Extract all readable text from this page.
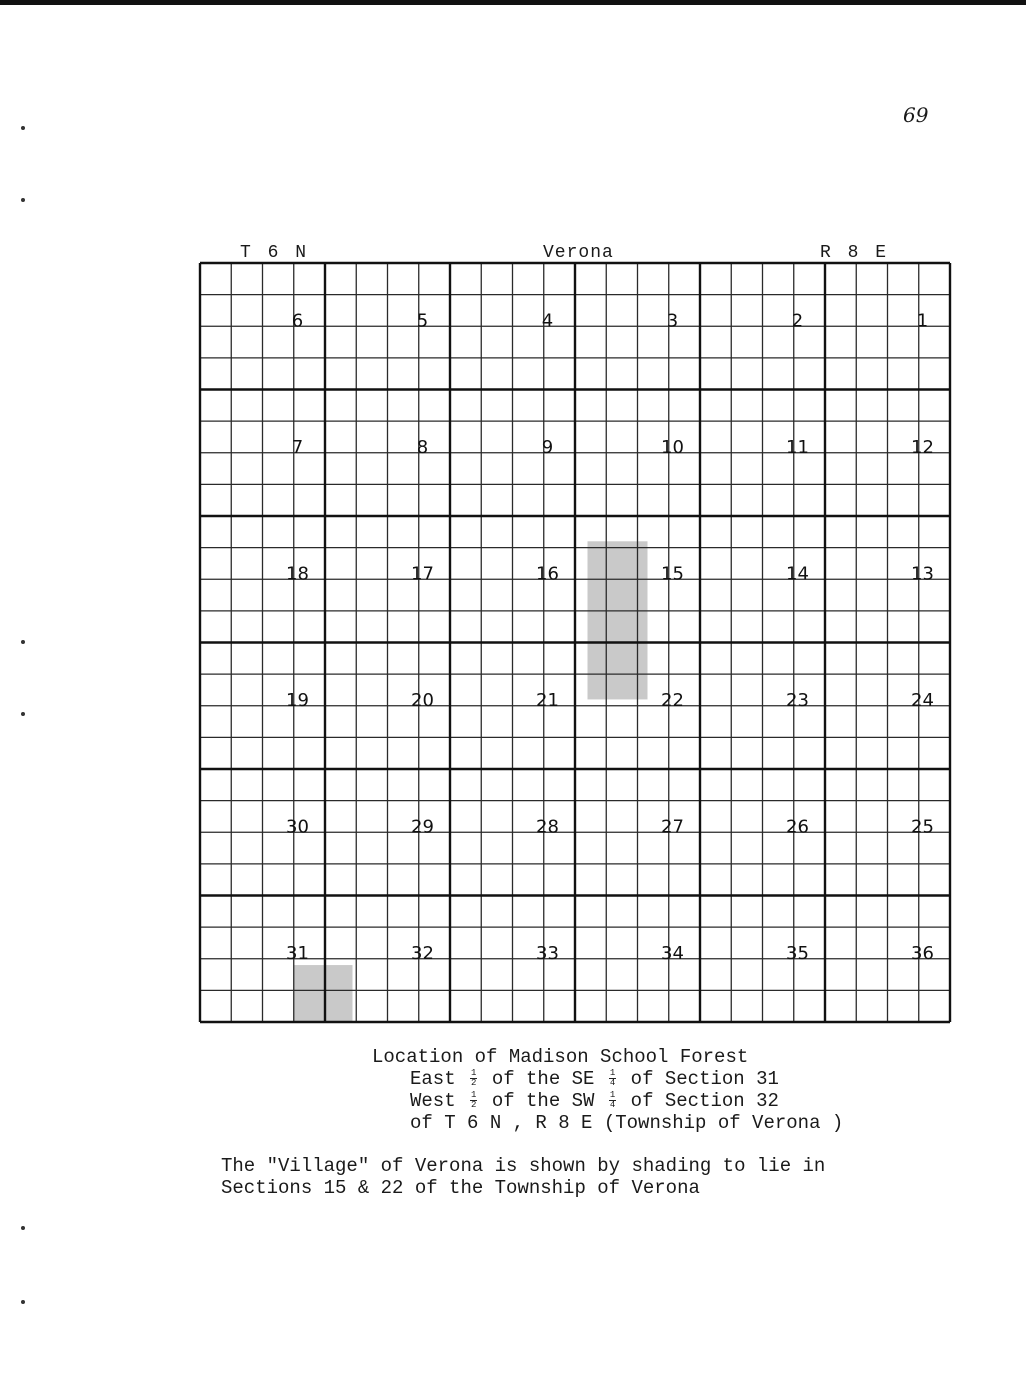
69
T 6 N	Verona	R 8 E
6	5	4	3	2	1
7	8	9	10	11	12
18	17	16	15	14	13
19	20	21	22	23	24
30	29	28	27	26	25
31	32	33	34	35	36
Location of Madison School Forest
East $\frac{1}{2}$ of the SE $\frac{1}{4}$ of Section 31
West $\frac{1}{2}$ of the SW $\frac{1}{4}$ of Section 32
of T 6 N , R 8 E (Township of Verona )
The "Village" of Verona is shown by shading to lie in
Sections 15 & 22 of the Township of Verona
